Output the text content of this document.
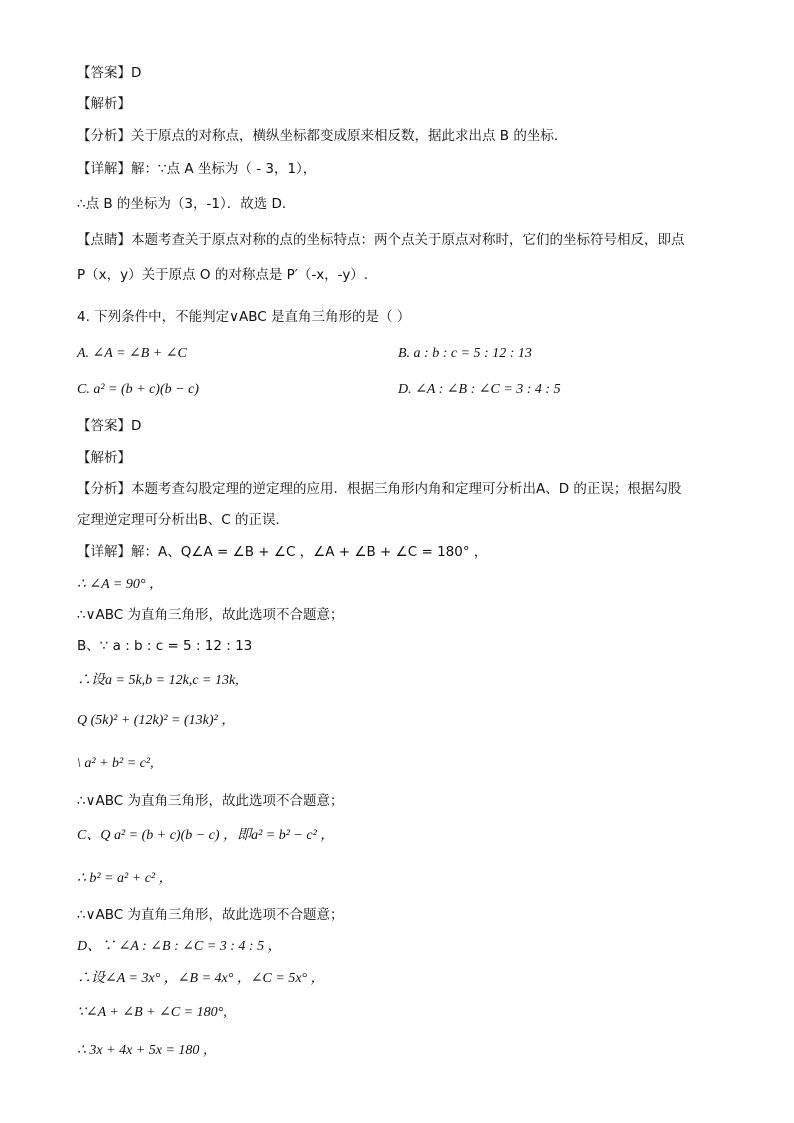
【答案】D
【解析】
【分析】关于原点的对称点，横纵坐标都变成原来相反数，据此求出点 B 的坐标．
【详解】解：∵点 A 坐标为（ - 3，1），
∴点 B 的坐标为（3，-1）．故选 D．
【点睛】本题考查关于原点对称的点的坐标特点：两个点关于原点对称时，它们的坐标符号相反，即点
P（x，y）关于原点 O 的对称点是 P′（-x，-y）.
4. 下列条件中，不能判定∨ABC 是直角三角形的是（ ）
A. ∠A = ∠B + ∠C	B. a : b : c = 5 : 12 : 13
C. a² = (b + c)(b − c)	D. ∠A : ∠B : ∠C = 3 : 4 : 5
【答案】D
【解析】
【分析】本题考查勾股定理的逆定理的应用．根据三角形内角和定理可分析出A、D 的正误；根据勾股
定理逆定理可分析出B、C 的正误．
【详解】解：A、Q∠A = ∠B + ∠C ，∠A + ∠B + ∠C = 180° ，
∴ ∠A = 90° ，
∴∨ABC 为直角三角形，故此选项不合题意；
B、∵ a : b : c = 5 : 12 : 13
∴设a = 5k,b = 12k,c = 13k,
Q (5k)² + (12k)² = (13k)² ，
\ a² + b² = c²,
∴∨ABC 为直角三角形，故此选项不合题意；
C、Q a² = (b + c)(b − c) ，即a² = b² − c² ，
∴ b² = a² + c² ，
∴∨ABC 为直角三角形，故此选项不合题意；
D、∵ ∠A : ∠B : ∠C = 3 : 4 : 5 ，
∴设∠A = 3x° ，∠B = 4x° ，∠C = 5x° ，
∵∠A + ∠B + ∠C = 180°,
∴ 3x + 4x + 5x = 180 ，
